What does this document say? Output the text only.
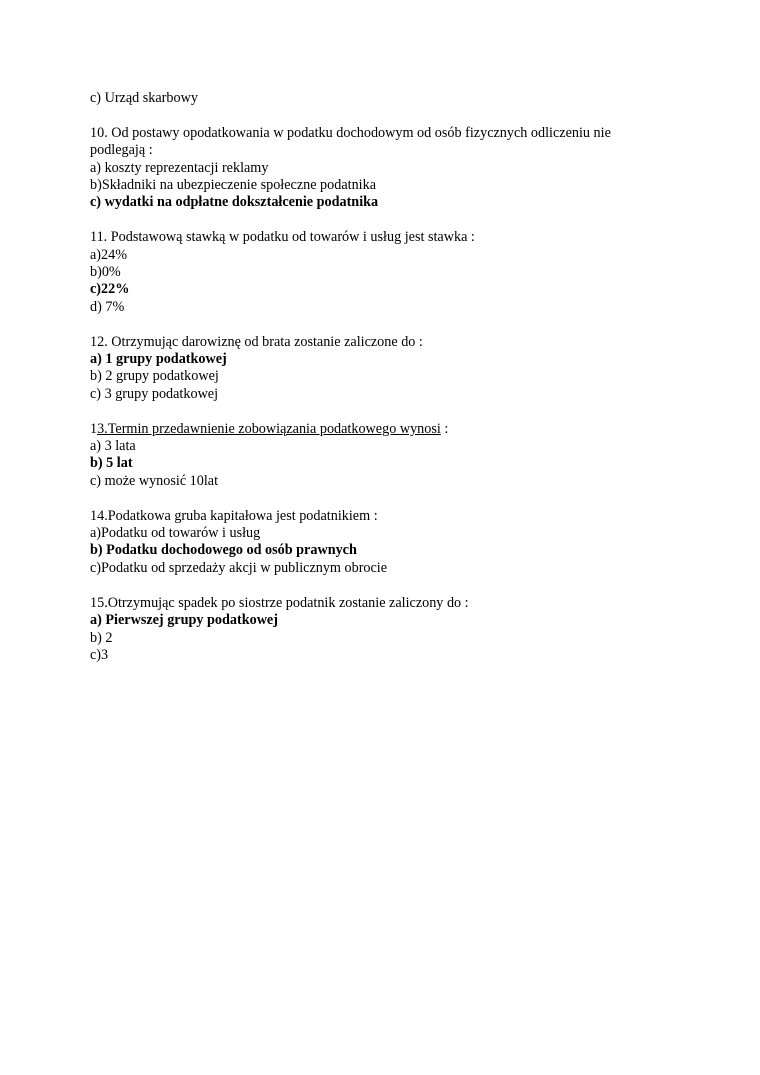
c) Urząd skarbowy
10. Od postawy opodatkowania w podatku dochodowym od osób fizycznych odliczeniu nie
podlegają :
a) koszty reprezentacji reklamy
b)Składniki na ubezpieczenie społeczne podatnika
c) wydatki na odpłatne dokształcenie podatnika
11. Podstawową stawką w podatku od towarów i usług jest stawka :
a)24%
b)0%
c)22%
d) 7%
12. Otrzymując darowiznę od brata zostanie zaliczone do :
a) 1 grupy podatkowej
b) 2 grupy podatkowej
c) 3 grupy podatkowej
13.Termin przedawnienie zobowiązania podatkowego wynosi :
a) 3 lata
b) 5 lat
c) może wynosić 10lat
14.Podatkowa gruba kapitałowa jest podatnikiem :
a)Podatku od towarów i usług
b) Podatku dochodowego od osób prawnych
c)Podatku od sprzedaży akcji w publicznym obrocie
15.Otrzymując spadek po siostrze podatnik zostanie zaliczony do :
a) Pierwszej grupy podatkowej
b) 2
c)3
